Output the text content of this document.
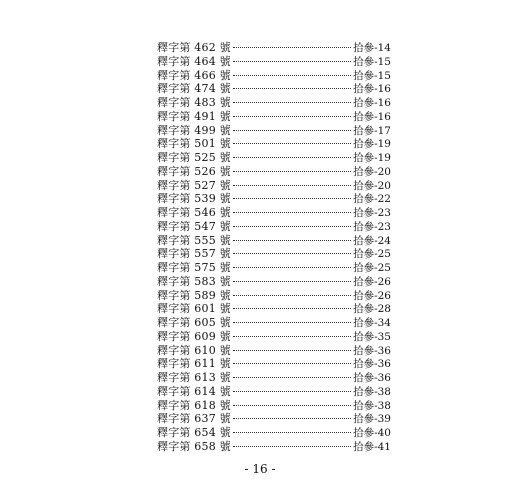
釋字第 462 號	拾參-14
釋字第 464 號	拾參-15
釋字第 466 號	拾參-15
釋字第 474 號	拾參-16
釋字第 483 號	拾參-16
釋字第 491 號	拾參-16
釋字第 499 號	拾參-17
釋字第 501 號	拾參-19
釋字第 525 號	拾參-19
釋字第 526 號	拾參-20
釋字第 527 號	拾參-20
釋字第 539 號	拾參-22
釋字第 546 號	拾參-23
釋字第 547 號	拾參-23
釋字第 555 號	拾參-24
釋字第 557 號	拾參-25
釋字第 575 號	拾參-25
釋字第 583 號	拾參-26
釋字第 589 號	拾參-26
釋字第 601 號	拾參-28
釋字第 605 號	拾參-34
釋字第 609 號	拾參-35
釋字第 610 號	拾參-36
釋字第 611 號	拾參-36
釋字第 613 號	拾參-36
釋字第 614 號	拾參-38
釋字第 618 號	拾參-38
釋字第 637 號	拾參-39
釋字第 654 號	拾參-40
釋字第 658 號	拾參-41
- 16 -
